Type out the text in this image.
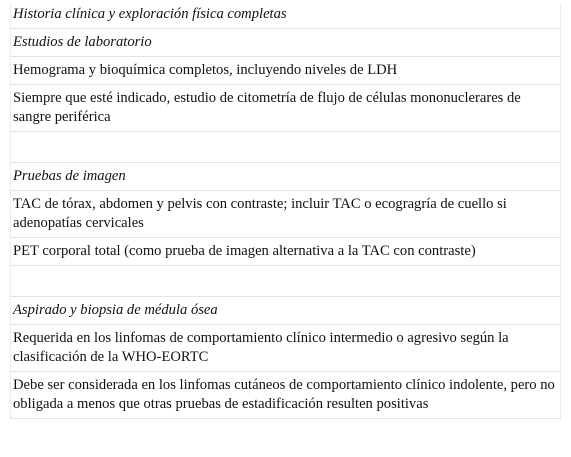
Historia clínica y exploración física completas
Estudios de laboratorio
Hemograma y bioquímica completos, incluyendo niveles de LDH
Siempre que esté indicado, estudio de citometría de flujo de células mononuclerares de sangre periférica

Pruebas de imagen
TAC de tórax, abdomen y pelvis con contraste; incluir TAC o ecogragría de cuello si adenopatías cervicales
PET corporal total (como prueba de imagen alternativa a la TAC con contraste)

Aspirado y biopsia de médula ósea
Requerida en los linfomas de comportamiento clínico intermedio o agresivo según la clasificación de la WHO-EORTC
Debe ser considerada en los linfomas cutáneos de comportamiento clínico indolente, pero no obligada a menos que otras pruebas de estadificación resulten positivas
